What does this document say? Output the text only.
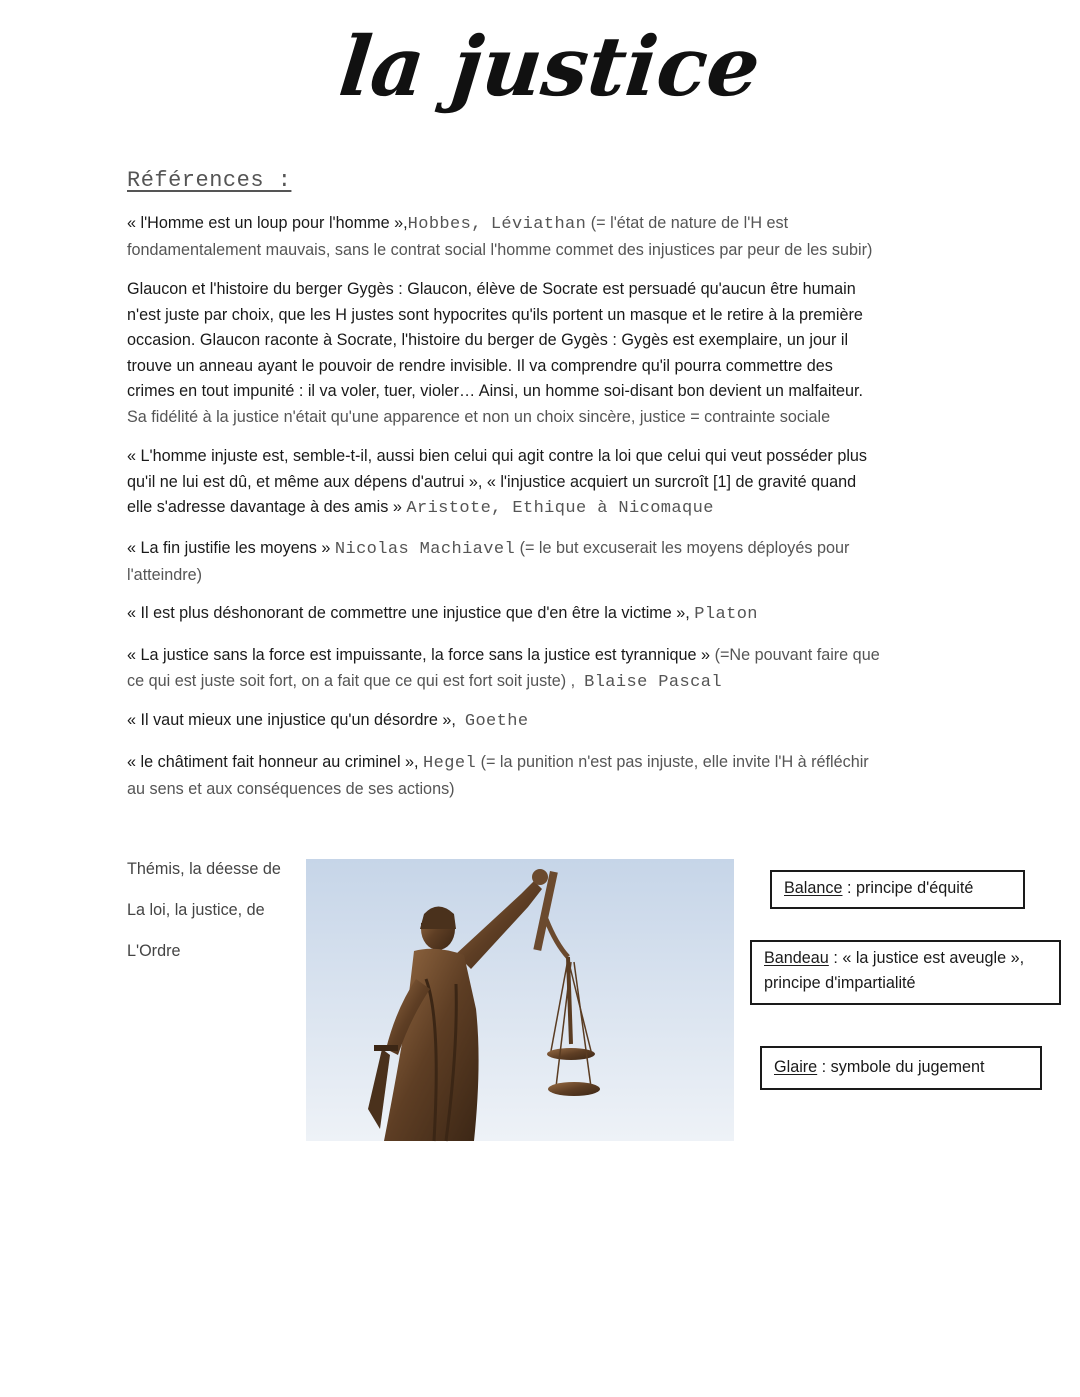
la justice
Références :

« l'Homme est un loup pour l'homme »,Hobbes, Léviathan (= l'état de nature de l'H est
fondamentalement mauvais, sans le contrat social l'homme commet des injustices par peur de les subir)

Glaucon et l'histoire du berger Gygès : Glaucon, élève de Socrate est persuadé qu'aucun être humain
n'est juste par choix, que les H justes sont hypocrites qu'ils portent un masque et le retire à la première
occasion. Glaucon raconte à Socrate, l'histoire du berger de Gygès : Gygès est exemplaire, un jour il
trouve un anneau ayant le pouvoir de rendre invisible. Il va comprendre qu'il pourra commettre des
crimes en tout impunité : il va voler, tuer, violer… Ainsi, un homme soi-disant bon devient un malfaiteur.
Sa fidélité à la justice n'était qu'une apparence et non un choix sincère, justice = contrainte sociale

« L'homme injuste est, semble-t-il, aussi bien celui qui agit contre la loi que celui qui veut posséder plus
qu'il ne lui est dû, et même aux dépens d'autrui », « l'injustice acquiert un surcroît [1] de gravité quand
elle s'adresse davantage à des amis » Aristote, Ethique à Nicomaque

« La fin justifie les moyens » Nicolas Machiavel (= le but excuserait les moyens déployés pour
l'atteindre)

« Il est plus déshonorant de commettre une injustice que d'en être la victime », Platon

« La justice sans la force est impuissante, la force sans la justice est tyrannique » (=Ne pouvant faire que
ce qui est juste soit fort, on a fait que ce qui est fort soit juste) , Blaise Pascal

« Il vaut mieux une injustice qu'un désordre », Goethe

« le châtiment fait honneur au criminel », Hegel (= la punition n'est pas injuste, elle invite l'H à réfléchir
au sens et aux conséquences de ses actions)

Thémis, la déesse de
La loi, la justice, de
L'Ordre
Balance : principe d'équité
Bandeau : « la justice est aveugle »,
principe d'impartialité
Glaire : symbole du jugement
